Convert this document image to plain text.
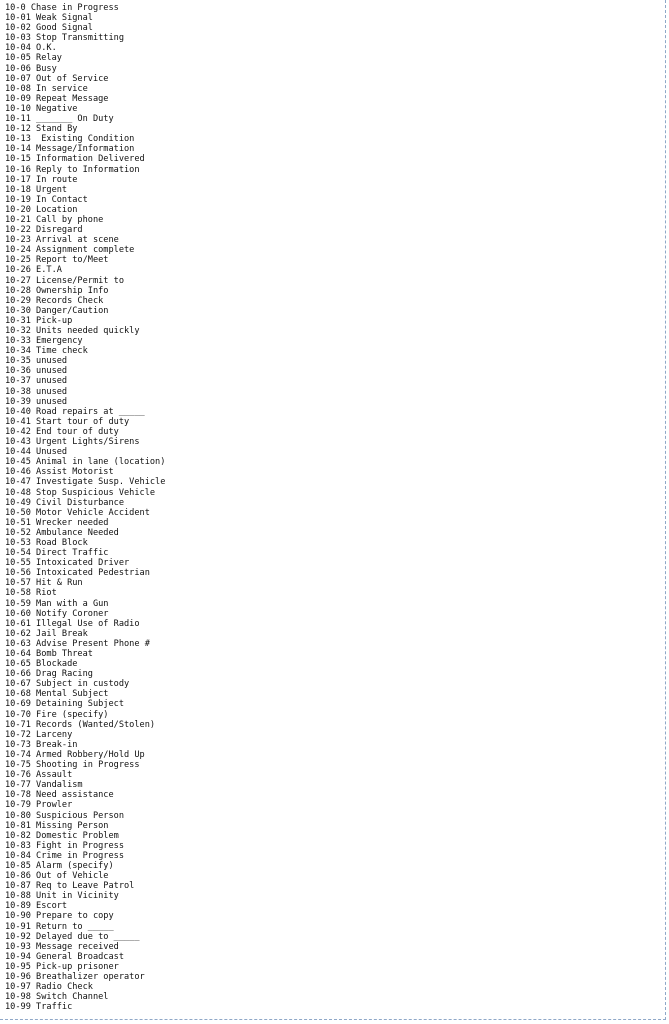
10-0 Chase in Progress
10-01 Weak Signal
10-02 Good Signal
10-03 Stop Transmitting
10-04 O.K.
10-05 Relay
10-06 Busy
10-07 Out of Service
10-08 In service
10-09 Repeat Message
10-10 Negative
10-11 _______ On Duty
10-12 Stand By
10-13  Existing Condition
10-14 Message/Information
10-15 Information Delivered
10-16 Reply to Information
10-17 In route
10-18 Urgent
10-19 In Contact
10-20 Location
10-21 Call by phone
10-22 Disregard
10-23 Arrival at scene
10-24 Assignment complete
10-25 Report to/Meet
10-26 E.T.A
10-27 License/Permit to
10-28 Ownership Info
10-29 Records Check
10-30 Danger/Caution
10-31 Pick-up
10-32 Units needed quickly
10-33 Emergency
10-34 Time check
10-35 unused
10-36 unused
10-37 unused
10-38 unused
10-39 unused
10-40 Road repairs at _____
10-41 Start tour of duty
10-42 End tour of duty
10-43 Urgent Lights/Sirens
10-44 Unused
10-45 Animal in lane (location)
10-46 Assist Motorist
10-47 Investigate Susp. Vehicle
10-48 Stop Suspicious Vehicle
10-49 Civil Disturbance
10-50 Motor Vehicle Accident
10-51 Wrecker needed
10-52 Ambulance Needed
10-53 Road Block
10-54 Direct Traffic
10-55 Intoxicated Driver
10-56 Intoxicated Pedestrian
10-57 Hit & Run
10-58 Riot
10-59 Man with a Gun
10-60 Notify Coroner
10-61 Illegal Use of Radio
10-62 Jail Break
10-63 Advise Present Phone #
10-64 Bomb Threat
10-65 Blockade
10-66 Drag Racing
10-67 Subject in custody
10-68 Mental Subject
10-69 Detaining Subject
10-70 Fire (specify)
10-71 Records (Wanted/Stolen)
10-72 Larceny
10-73 Break-in
10-74 Armed Robbery/Hold Up
10-75 Shooting in Progress
10-76 Assault
10-77 Vandalism
10-78 Need assistance
10-79 Prowler
10-80 Suspicious Person
10-81 Missing Person
10-82 Domestic Problem
10-83 Fight in Progress
10-84 Crime in Progress
10-85 Alarm (specify)
10-86 Out of Vehicle
10-87 Req to Leave Patrol
10-88 Unit in Vicinity
10-89 Escort
10-90 Prepare to copy
10-91 Return to _____
10-92 Delayed due to _____
10-93 Message received
10-94 General Broadcast
10-95 Pick-up prisoner
10-96 Breathalizer operator
10-97 Radio Check
10-98 Switch Channel
10-99 Traffic
